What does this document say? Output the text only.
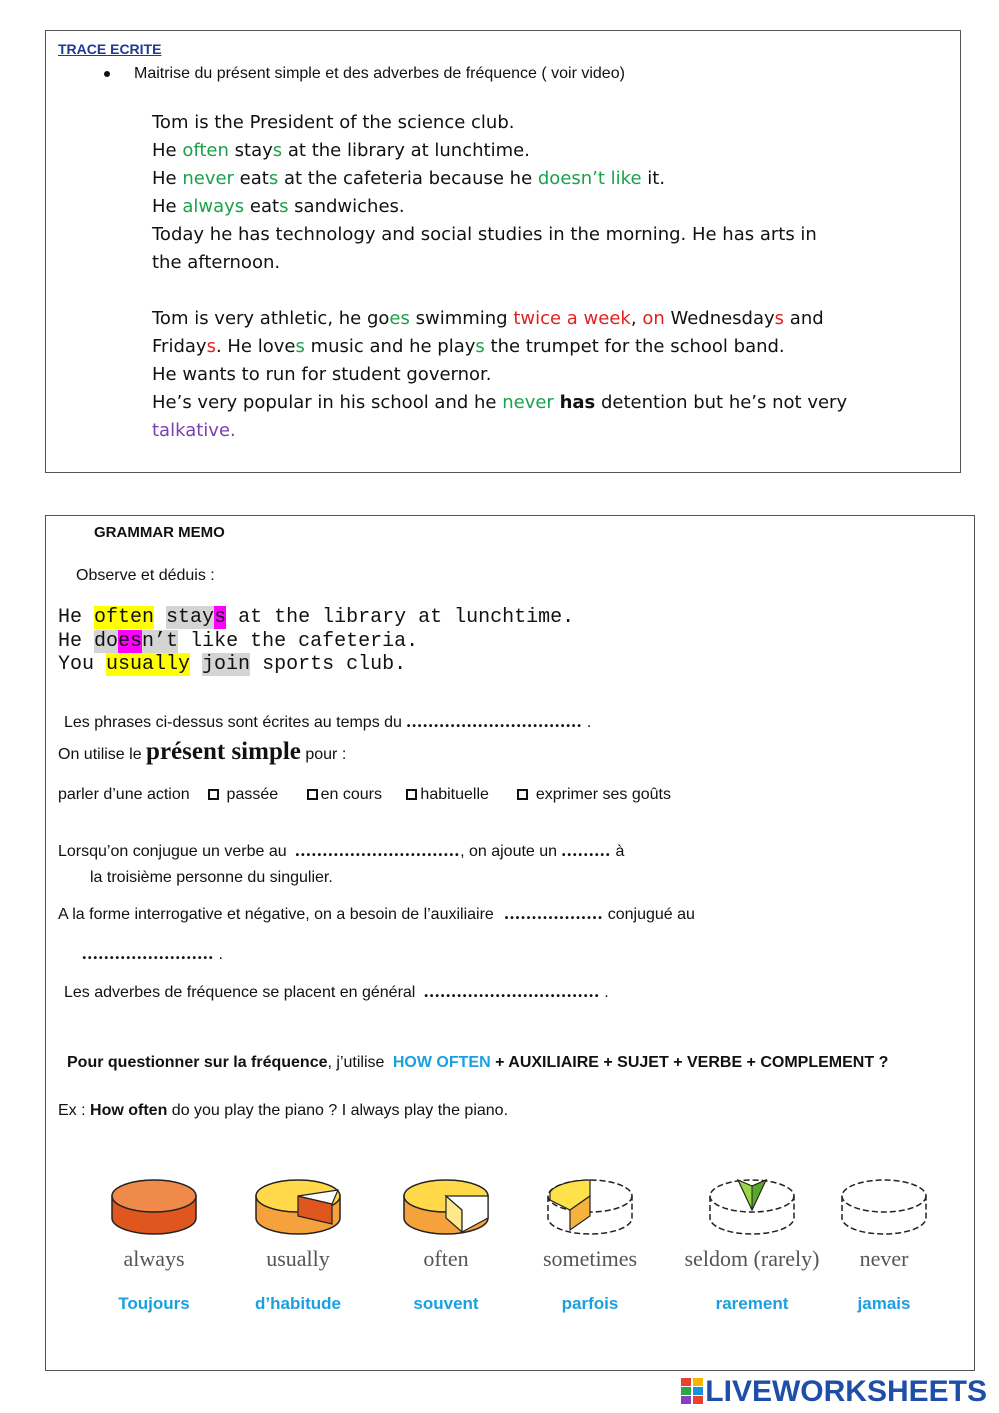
TRACE ECRITE
Maitrise du présent simple et des adverbes de fréquence ( voir video)
Tom is the President of the science club.
He often stays at the library at lunchtime.
He never eats at the cafeteria because he doesn’t like it.
He always eats sandwiches.
Today he has technology and social studies in the morning. He has arts in
the afternoon.
Tom is very athletic, he goes swimming twice a week, on Wednesdays and
Fridays. He loves music and he plays the trumpet for the school band.
He wants to run for student governor.
He’s very popular in his school and he never has detention but he’s not very
talkative.
GRAMMAR MEMO
Observe et déduis :
He often stays at the library at lunchtime.
He doesn’t like the cafeteria.
You usually join sports club.
Les phrases ci-dessus sont écrites au temps du ................................ .
On utilise le présent simple pour :
parler d’une action passée	en cours habituelle	exprimer ses goûts
Lorsqu’on conjugue un verbe au .............................., on ajoute un ......... à
la troisième personne du singulier.
A la forme interrogative et négative, on a besoin de l’auxiliaire .................. conjugué au
........................ .
Les adverbes de fréquence se placent en général ................................ .
Pour questionner sur la fréquence, j’utilise HOW OFTEN + AUXILIAIRE + SUJET + VERBE + COMPLEMENT ?
Ex : How often do you play the piano ? I always play the piano.
always
Toujours
usually
d’habitude
often
souvent
sometimes
parfois
seldom (rarely)
rarement
never
jamais
LIVEWORKSHEETS
